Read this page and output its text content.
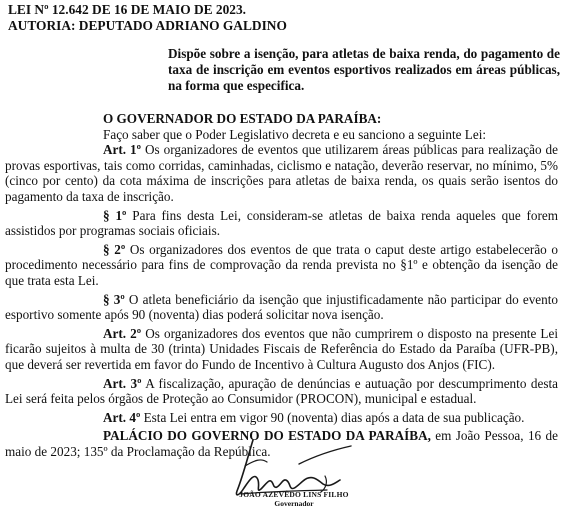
LEI Nº 12.642 DE 16 DE MAIO DE 2023.
AUTORIA: DEPUTADO ADRIANO GALDINO
Dispõe sobre a isenção, para atletas de baixa renda, do pagamento de taxa de inscrição em eventos esportivos realizados em áreas públicas, na forma que especifica.
O GOVERNADOR DO ESTADO DA PARAÍBA:
Faço saber que o Poder Legislativo decreta e eu sanciono a seguinte Lei:

Art. 1º Os organizadores de eventos que utilizarem áreas públicas para realização de provas esportivas, tais como corridas, caminhadas, ciclismo e natação, deverão reservar, no mínimo, 5% (cinco por cento) da cota máxima de inscrições para atletas de baixa renda, os quais serão isentos do pagamento da taxa de inscrição.

§ 1º Para fins desta Lei, consideram-se atletas de baixa renda aqueles que forem assistidos por programas sociais oficiais.

§ 2º Os organizadores dos eventos de que trata o caput deste artigo estabelecerão o procedimento necessário para fins de comprovação da renda prevista no §1º e obtenção da isenção de que trata esta Lei.

§ 3º O atleta beneficiário da isenção que injustificadamente não participar do evento esportivo somente após 90 (noventa) dias poderá solicitar nova isenção.

Art. 2º Os organizadores dos eventos que não cumprirem o disposto na presente Lei ficarão sujeitos à multa de 30 (trinta) Unidades Fiscais de Referência do Estado da Paraíba (UFR-PB), que deverá ser revertida em favor do Fundo de Incentivo à Cultura Augusto dos Anjos (FIC).

Art. 3º A fiscalização, apuração de denúncias e autuação por descumprimento desta Lei será feita pelos órgãos de Proteção ao Consumidor (PROCON), municipal e estadual.

Art. 4º Esta Lei entra em vigor 90 (noventa) dias após a data de sua publicação.

PALÁCIO DO GOVERNO DO ESTADO DA PARAÍBA, em João Pessoa, 16 de maio de 2023; 135º da Proclamação da República.

JOÃO AZEVÊDO LINS FILHO
Governador
